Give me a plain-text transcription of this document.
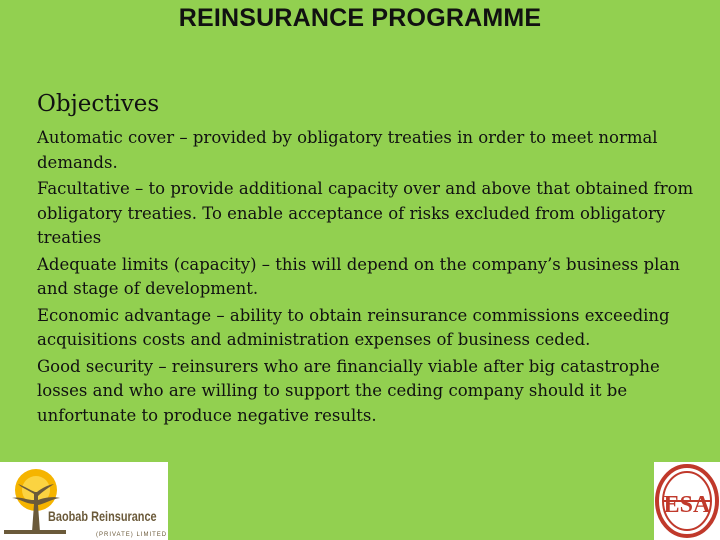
REINSURANCE PROGRAMME

Objectives

Automatic cover – provided by obligatory treaties in order to meet normal demands.

Facultative – to provide additional capacity over and above that obtained from obligatory treaties. To enable acceptance of risks excluded from obligatory treaties

Adequate limits (capacity) – this will depend on the company’s business plan and stage of development.

Economic advantage – ability to obtain reinsurance commissions exceeding acquisitions costs and administration expenses of business ceded.

Good security – reinsurers who are financially viable after big catastrophe losses and who are willing to support the ceding company should it be unfortunate to produce negative results.

Baobab Reinsurance
(PRIVATE) LIMITED
ESA
